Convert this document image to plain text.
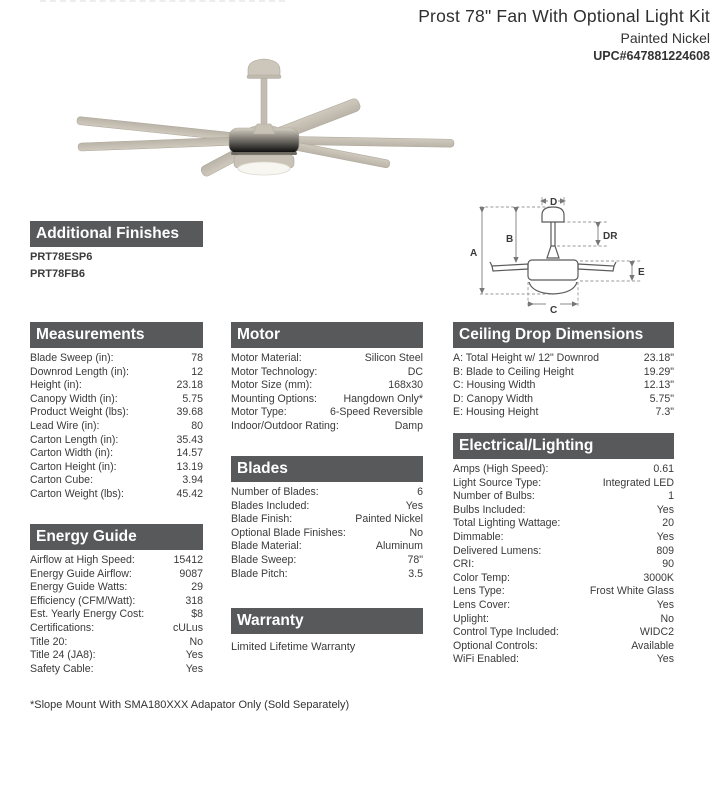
Prost 78" Fan With Optional Light Kit
Painted Nickel
UPC#647881224608
D
A
B	DR
E
C
Additional Finishes
PRT78ESP6
PRT78FB6
Measurements
Blade Sweep (in):	78
Downrod Length (in):	12
Height (in):	23.18
Canopy Width (in):	5.75
Product Weight (lbs):	39.68
Lead Wire (in):	80
Carton Length (in):	35.43
Carton Width (in):	14.57
Carton Height (in):	13.19
Carton Cube:	3.94
Carton Weight (lbs):	45.42
Energy Guide
Airflow at High Speed:	15412
Energy Guide Airflow:	9087
Energy Guide Watts:	29
Efficiency (CFM/Watt):	318
Est. Yearly Energy Cost:	$8
Certifications:	cULus
Title 20:	No
Title 24 (JA8):	Yes
Safety Cable:	Yes
Motor
Motor Material:	Silicon Steel
Motor Technology:	DC
Motor Size (mm):	168x30
Mounting Options:	Hangdown Only*
Motor Type:	6-Speed Reversible
Indoor/Outdoor Rating:	Damp
Blades
Number of Blades:	6
Blades Included:	Yes
Blade Finish:	Painted Nickel
Optional Blade Finishes:	No
Blade Material:	Aluminum
Blade Sweep:	78"
Blade Pitch:	3.5
Warranty
Limited Lifetime Warranty
Ceiling Drop Dimensions
A: Total Height w/ 12" Downrod	23.18"
B: Blade to Ceiling Height	19.29"
C: Housing Width	12.13"
D: Canopy Width	5.75"
E: Housing Height	7.3"
Electrical/Lighting
Amps (High Speed):	0.61
Light Source Type:	Integrated LED
Number of Bulbs:	1
Bulbs Included:	Yes
Total Lighting Wattage:	20
Dimmable:	Yes
Delivered Lumens:	809
CRI:	90
Color Temp:	3000K
Lens Type:	Frost White Glass
Lens Cover:	Yes
Uplight:	No
Control Type Included:	WIDC2
Optional Controls:	Available
WiFi Enabled:	Yes
*Slope Mount With SMA180XXX Adapator Only (Sold Separately)
